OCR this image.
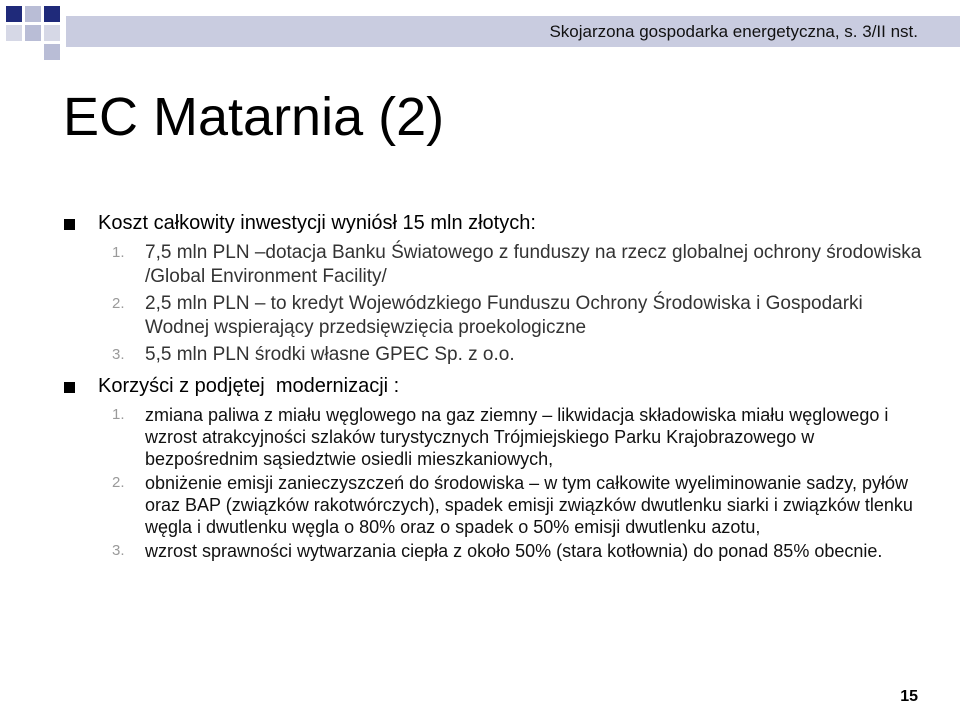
Skojarzona gospodarka energetyczna, s. 3/II nst.
EC Matarnia (2)
Koszt całkowity inwestycji wyniósł 15 mln złotych:
1. 7,5 mln PLN –dotacja Banku Światowego z funduszy na rzecz globalnej ochrony środowiska /Global Environment Facility/
2. 2,5 mln PLN – to kredyt Wojewódzkiego Funduszu Ochrony Środowiska i Gospodarki Wodnej wspierający przedsięwzięcia proekologiczne
3. 5,5 mln PLN środki własne GPEC Sp. z o.o.
Korzyści z podjętej  modernizacji :
1. zmiana paliwa z miału węglowego na gaz ziemny – likwidacja składowiska miału węglowego i wzrost atrakcyjności szlaków turystycznych Trójmiejskiego Parku Krajobrazowego w bezpośrednim sąsiedztwie osiedli mieszkaniowych,
2. obniżenie emisji zanieczyszczeń do środowiska – w tym całkowite wyeliminowanie sadzy, pyłów oraz BAP (związków rakotwórczych), spadek emisji związków dwutlenku siarki i związków tlenku węgla i dwutlenku węgla o 80% oraz o spadek o 50% emisji dwutlenku azotu,
3. wzrost sprawności wytwarzania ciepła z około 50% (stara kotłownia) do ponad 85% obecnie.
15
